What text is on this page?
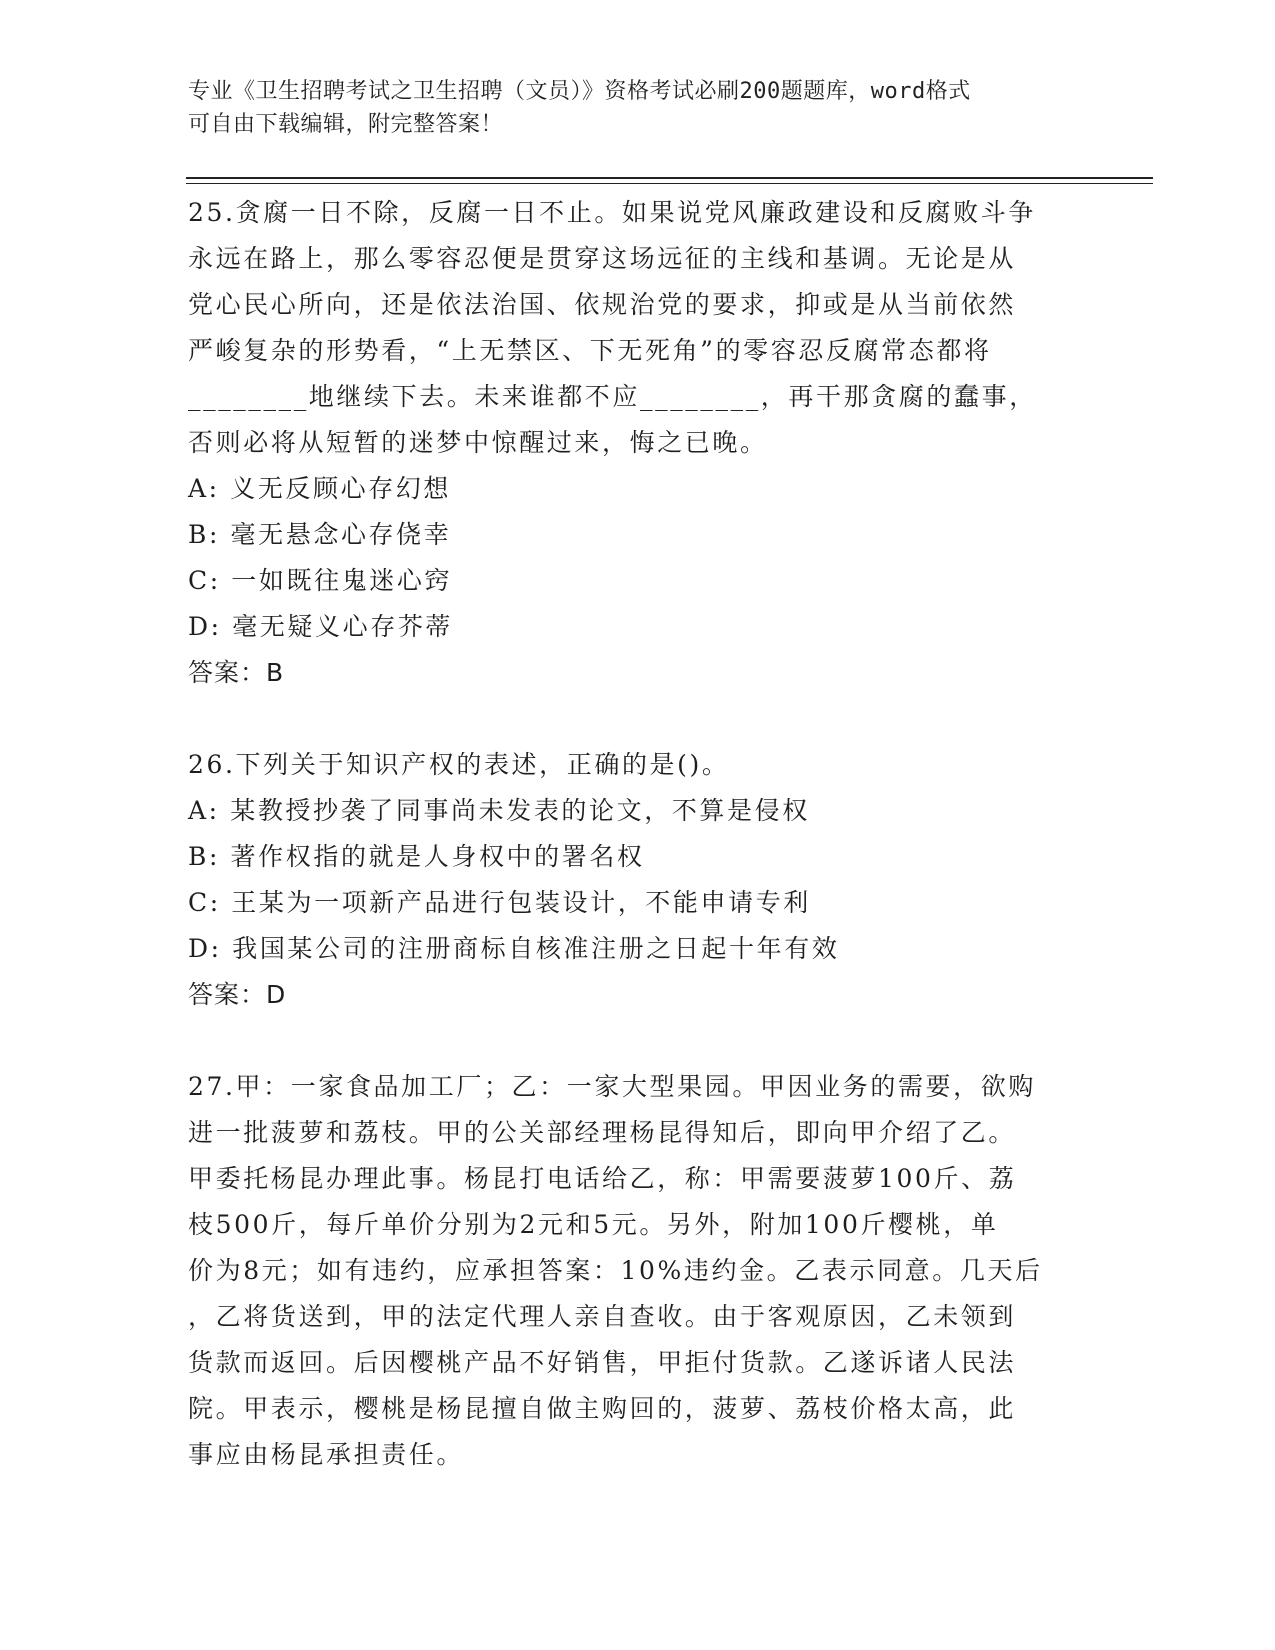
专业《卫生招聘考试之卫生招聘（文员）》资格考试必刷200题题库，word格式
可自由下载编辑，附完整答案！

25.贪腐一日不除，反腐一日不止。如果说党风廉政建设和反腐败斗争

永远在路上，那么零容忍便是贯穿这场远征的主线和基调。无论是从

党心民心所向，还是依法治国、依规治党的要求，抑或是从当前依然

严峻复杂的形势看，“上无禁区、下无死角”的零容忍反腐常态都将

________地继续下去。未来谁都不应________，再干那贪腐的蠢事，

否则必将从短暂的迷梦中惊醒过来，悔之已晚。

A: 义无反顾心存幻想

B: 毫无悬念心存侥幸

C: 一如既往鬼迷心窍

D: 毫无疑义心存芥蒂

答案：B

26.下列关于知识产权的表述，正确的是()。

A: 某教授抄袭了同事尚未发表的论文，不算是侵权

B: 著作权指的就是人身权中的署名权

C: 王某为一项新产品进行包装设计，不能申请专利

D: 我国某公司的注册商标自核准注册之日起十年有效

答案：D

27.甲：一家食品加工厂；乙：一家大型果园。甲因业务的需要，欲购

进一批菠萝和荔枝。甲的公关部经理杨昆得知后，即向甲介绍了乙。

甲委托杨昆办理此事。杨昆打电话给乙，称：甲需要菠萝100斤、荔

枝500斤，每斤单价分别为2元和5元。另外，附加100斤樱桃，单

价为8元；如有违约，应承担答案：10%违约金。乙表示同意。几天后

，乙将货送到，甲的法定代理人亲自查收。由于客观原因，乙未领到

货款而返回。后因樱桃产品不好销售，甲拒付货款。乙遂诉诸人民法

院。甲表示，樱桃是杨昆擅自做主购回的，菠萝、荔枝价格太高，此

事应由杨昆承担责任。
